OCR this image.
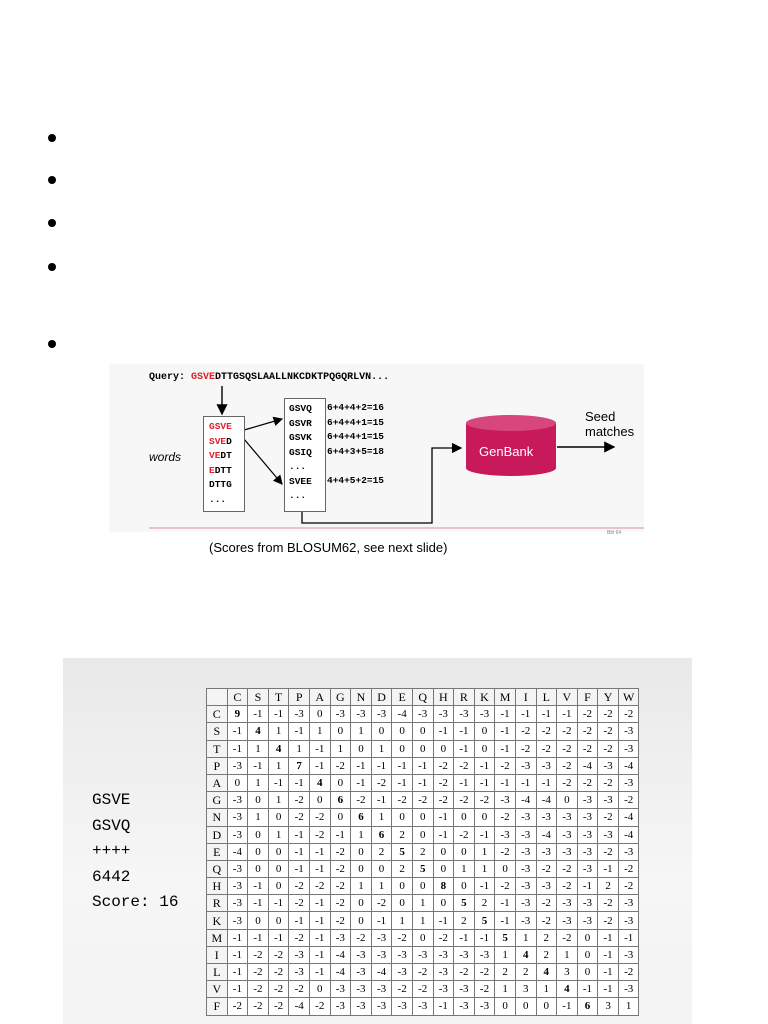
Query: GSVEDTTGSQSLAALLNKCDKTPQGQRLVN...
GenBank
Seed
matches
words
GSVE
SVED
VEDT
EDTT
DTTG
...
GSVQ
GSVR
GSVK
GSIQ
...
SVEE
...
Bbl 64
6+4+4+2=16
6+4+4+1=15
6+4+4+1=15
6+4+3+5=18
4+4+5+2=15
(Scores from BLOSUM62, see next slide)
GSVE
GSVQ
++++
6442
Score: 16
	C	S	T	P	A	G	N	D	E	Q	H	R	K	M	I	L	V	F	Y	W
C	9	-1	-1	-3	0	-3	-3	-3	-4	-3	-3	-3	-3	-1	-1	-1	-1	-2	-2	-2
S	-1	4	1	-1	1	0	1	0	0	0	-1	-1	0	-1	-2	-2	-2	-2	-2	-3
T	-1	1	4	1	-1	1	0	1	0	0	0	-1	0	-1	-2	-2	-2	-2	-2	-3
P	-3	-1	1	7	-1	-2	-1	-1	-1	-1	-2	-2	-1	-2	-3	-3	-2	-4	-3	-4
A	0	1	-1	-1	4	0	-1	-2	-1	-1	-2	-1	-1	-1	-1	-1	-2	-2	-2	-3
G	-3	0	1	-2	0	6	-2	-1	-2	-2	-2	-2	-2	-3	-4	-4	0	-3	-3	-2
N	-3	1	0	-2	-2	0	6	1	0	0	-1	0	0	-2	-3	-3	-3	-3	-2	-4
D	-3	0	1	-1	-2	-1	1	6	2	0	-1	-2	-1	-3	-3	-4	-3	-3	-3	-4
E	-4	0	0	-1	-1	-2	0	2	5	2	0	0	1	-2	-3	-3	-3	-3	-2	-3
Q	-3	0	0	-1	-1	-2	0	0	2	5	0	1	1	0	-3	-2	-2	-3	-1	-2
H	-3	-1	0	-2	-2	-2	1	1	0	0	8	0	-1	-2	-3	-3	-2	-1	2	-2
R	-3	-1	-1	-2	-1	-2	0	-2	0	1	0	5	2	-1	-3	-2	-3	-3	-2	-3
K	-3	0	0	-1	-1	-2	0	-1	1	1	-1	2	5	-1	-3	-2	-3	-3	-2	-3
M	-1	-1	-1	-2	-1	-3	-2	-3	-2	0	-2	-1	-1	5	1	2	-2	0	-1	-1
I	-1	-2	-2	-3	-1	-4	-3	-3	-3	-3	-3	-3	-3	1	4	2	1	0	-1	-3
L	-1	-2	-2	-3	-1	-4	-3	-4	-3	-2	-3	-2	-2	2	2	4	3	0	-1	-2
V	-1	-2	-2	-2	0	-3	-3	-3	-2	-2	-3	-3	-2	1	3	1	4	-1	-1	-3
F	-2	-2	-2	-4	-2	-3	-3	-3	-3	-3	-1	-3	-3	0	0	0	-1	6	3	1
